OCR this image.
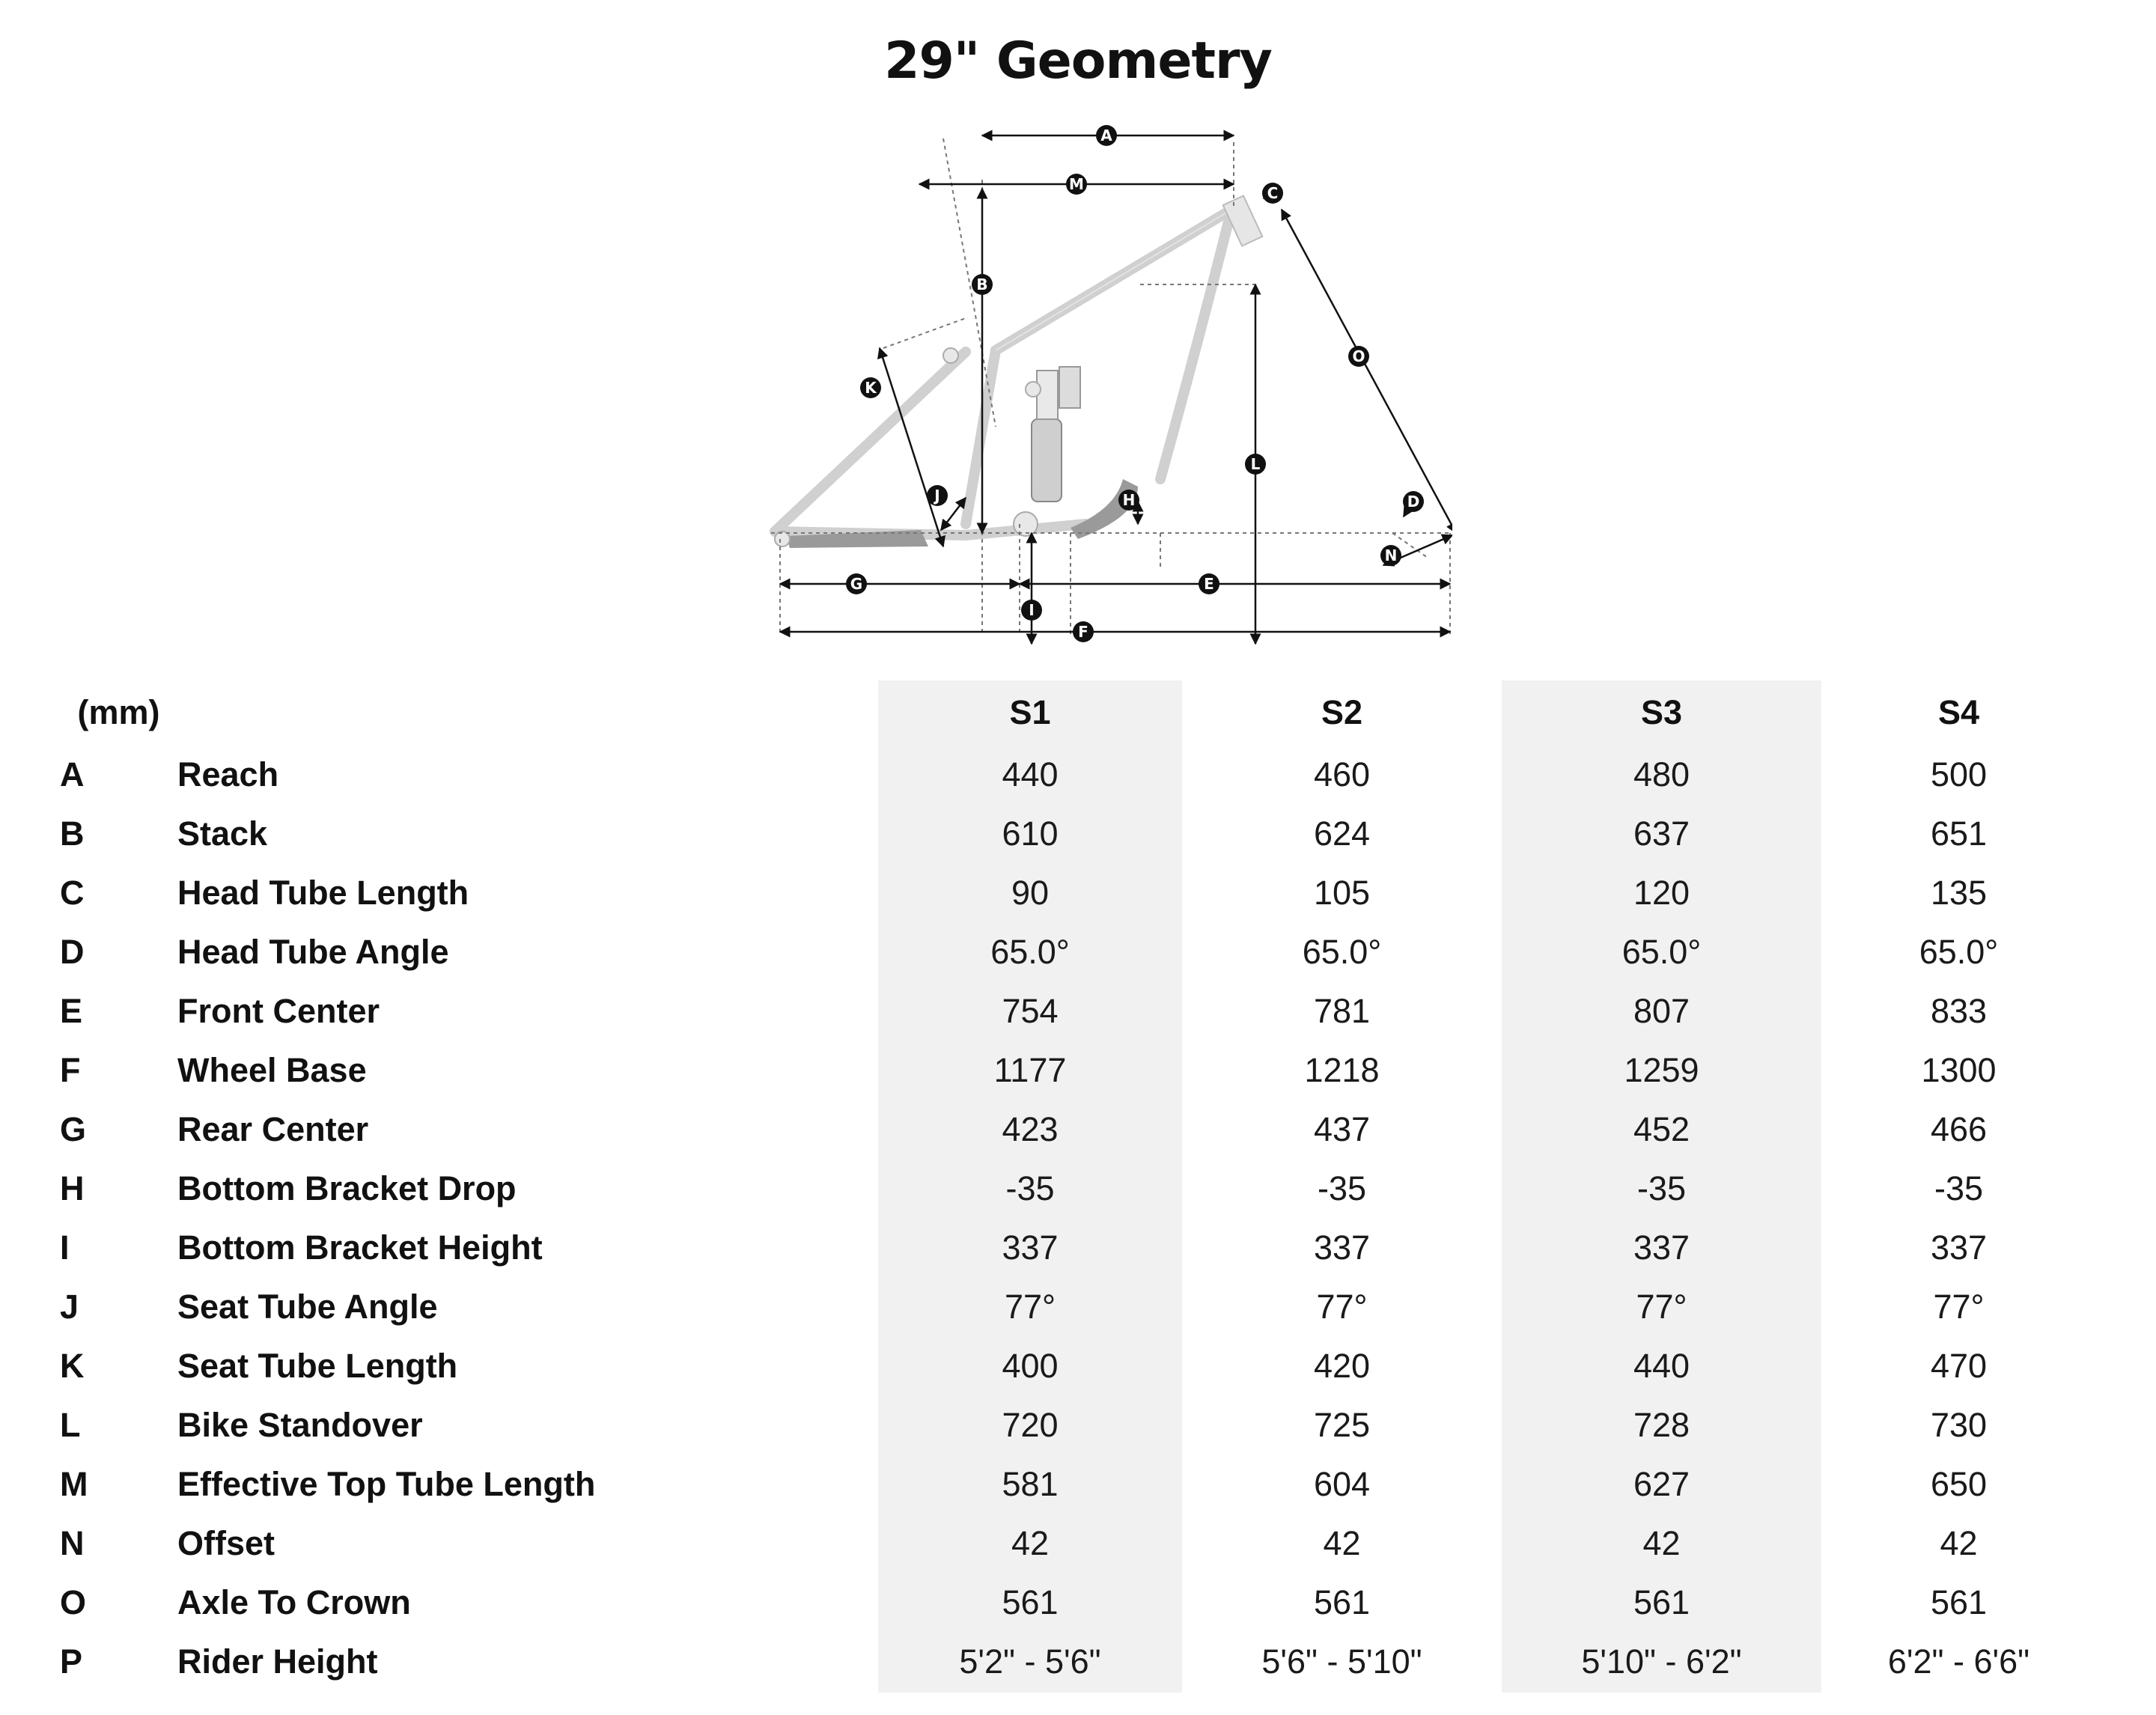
29" Geometry
A
M	C
B
K
O
L
J	H	D
N
G	E
I
F
(mm)		S1	S2	S3	S4
A	Reach	440	460	480	500
B	Stack	610	624	637	651
C	Head Tube Length	90	105	120	135
D	Head Tube Angle	65.0°	65.0°	65.0°	65.0°
E	Front Center	754	781	807	833
F	Wheel Base	1177	1218	1259	1300
G	Rear Center	423	437	452	466
H	Bottom Bracket Drop	-35	-35	-35	-35
I	Bottom Bracket Height	337	337	337	337
J	Seat Tube Angle	77°	77°	77°	77°
K	Seat Tube Length	400	420	440	470
L	Bike Standover	720	725	728	730
M	Effective Top Tube Length	581	604	627	650
N	Offset	42	42	42	42
O	Axle To Crown	561	561	561	561
P	Rider Height	5'2" - 5'6"	5'6" - 5'10"	5'10" - 6'2"	6'2" - 6'6"
